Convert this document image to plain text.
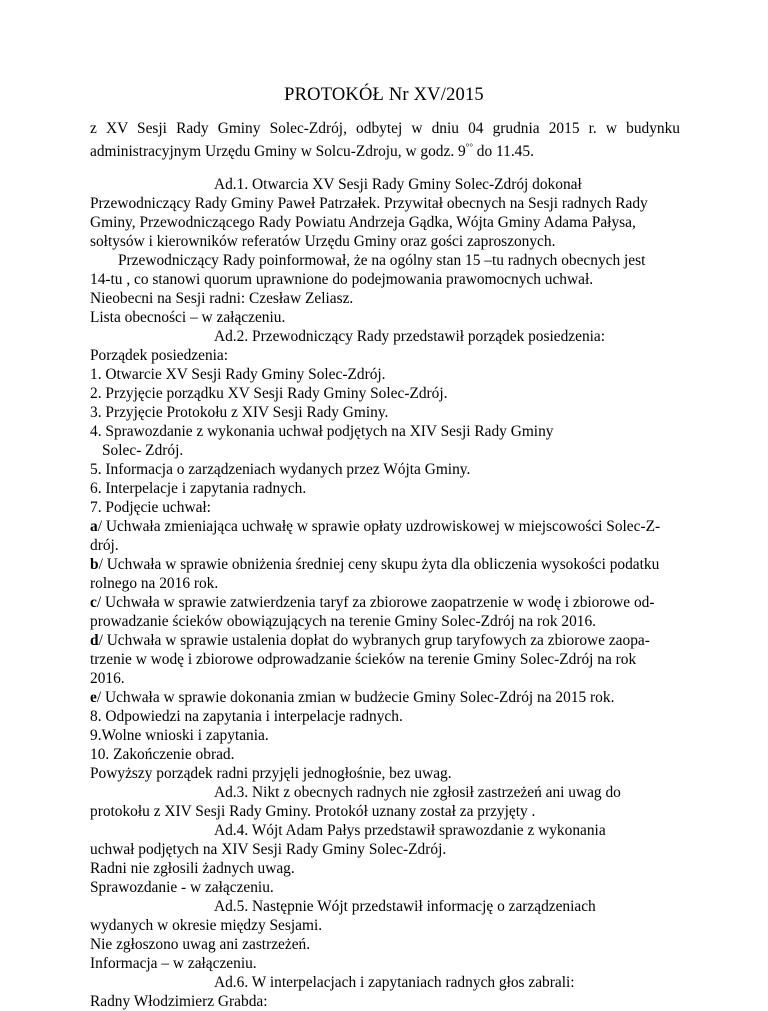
PROTOKÓŁ Nr XV/2015
z XV Sesji Rady Gminy Solec-Zdrój, odbytej w dniu 04 grudnia 2015 r. w budynku administracyjnym Urzędu Gminy w Solcu-Zdroju, w godz. 9°° do 11.45.
Ad.1. Otwarcia XV Sesji Rady Gminy Solec-Zdrój dokonał
Przewodniczący Rady Gminy Paweł Patrzałek. Przywitał obecnych na Sesji radnych Rady
Gminy, Przewodniczącego Rady Powiatu Andrzeja Gądka, Wójta Gminy Adama Pałysa,
sołtysów i kierowników referatów Urzędu Gminy oraz gości zaproszonych.
Przewodniczący Rady poinformował, że na ogólny stan 15 –tu radnych obecnych jest
14-tu , co stanowi quorum uprawnione do podejmowania prawomocnych uchwał.
Nieobecni na Sesji radni: Czesław Zeliasz.
Lista obecności – w załączeniu.
Ad.2. Przewodniczący Rady przedstawił porządek posiedzenia:
Porządek posiedzenia:
1. Otwarcie XV Sesji Rady Gminy Solec-Zdrój.
2. Przyjęcie porządku XV Sesji Rady Gminy Solec-Zdrój.
3. Przyjęcie Protokołu z XIV Sesji Rady Gminy.
4. Sprawozdanie z wykonania uchwał podjętych na XIV Sesji Rady Gminy
Solec- Zdrój.
5. Informacja o zarządzeniach wydanych przez Wójta Gminy.
6. Interpelacje i zapytania radnych.
7. Podjęcie uchwał:
a/ Uchwała zmieniająca uchwałę w sprawie opłaty uzdrowiskowej w miejscowości Solec-Z-
drój.
b/ Uchwała w sprawie obniżenia średniej ceny skupu żyta dla obliczenia wysokości podatku
rolnego na 2016 rok.
c/ Uchwała w sprawie zatwierdzenia taryf za zbiorowe zaopatrzenie w wodę i zbiorowe od-
prowadzanie ścieków obowiązujących na terenie Gminy Solec-Zdrój na rok 2016.
d/ Uchwała w sprawie ustalenia dopłat do wybranych grup taryfowych za zbiorowe zaopa-
trzenie w wodę i zbiorowe odprowadzanie ścieków na terenie Gminy Solec-Zdrój na rok
2016.
e/ Uchwała w sprawie dokonania zmian w budżecie Gminy Solec-Zdrój na 2015 rok.
8. Odpowiedzi na zapytania i interpelacje radnych.
9.Wolne wnioski i zapytania.
10. Zakończenie obrad.
Powyższy porządek radni przyjęli jednogłośnie, bez uwag.
Ad.3. Nikt z obecnych radnych nie zgłosił zastrzeżeń ani uwag do
protokołu z XIV Sesji Rady Gminy. Protokół uznany został za przyjęty .
Ad.4. Wójt Adam Pałys przedstawił sprawozdanie z wykonania
uchwał podjętych na XIV Sesji Rady Gminy Solec-Zdrój.
Radni nie zgłosili żadnych uwag.
Sprawozdanie - w załączeniu.
Ad.5. Następnie Wójt przedstawił informację o zarządzeniach
wydanych w okresie między Sesjami.
Nie zgłoszono uwag ani zastrzeżeń.
Informacja – w załączeniu.
Ad.6. W interpelacjach i zapytaniach radnych głos zabrali:
Radny Włodzimierz Grabda:
